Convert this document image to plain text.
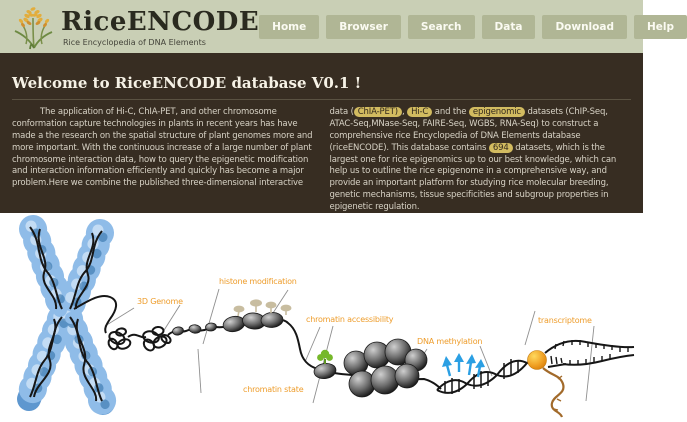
RiceENCODE
Rice Encyclopedia of DNA Elements
Home	Browser	Search	Data	Download	Help
Welcome to RiceENCODE database V0.1 !

The application of Hi-C, ChIA-PET, and other chromosome conformation capture technologies in plants in recent years has have made a the research on the spatial structure of plant genomes more and more important. With the continuous increase of a large number of plant chromosome interaction data, how to query the epigenetic modification and interaction information efficiently and quickly has become a major problem.Here we combine the published three-dimensional interactive

data ( ChIA-PET) , Hi-C and the epigenomic datasets (ChIP-Seq, ATAC-Seq,MNase-Seq, FAIRE-Seq, WGBS, RNA-Seq) to construct a comprehensive rice Encyclopedia of DNA Elements database (riceENCODE). This database contains 694 datasets, which is the largest one for rice epigenomics up to our best knowledge, which can help us to outline the rice epigenome in a comprehensive way, and provide an important platform for studying rice molecular breeding, genetic mechanisms, tissue specificities and subgroup properties in epigenetic regulation.

3D Genome
histone modification
chromatin accessibility
chromatin state
DNA methylation
transcriptome
